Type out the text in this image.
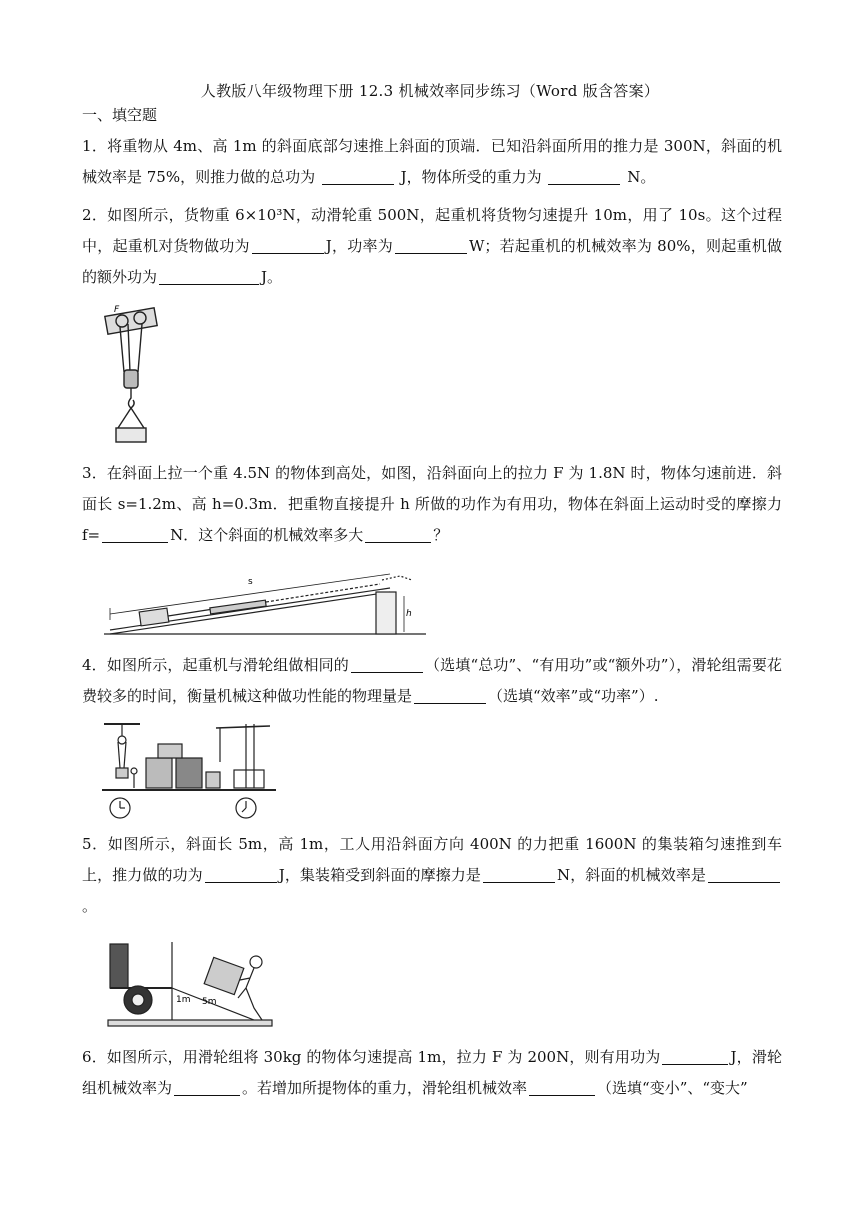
人教版八年级物理下册 12.3 机械效率同步练习（Word 版含答案）
一、填空题
1．将重物从 4m、高 1m 的斜面底部匀速推上斜面的顶端．已知沿斜面所用的推力是 300N，斜面的机械效率是 75%，则推力做的总功为	J，物体所受的重力为	N。
2．如图所示，货物重 6×10³N，动滑轮重 500N，起重机将货物匀速提升 10m，用了 10s。这个过程中，起重机对货物做功为	J，功率为	W；若起重机的机械效率为 80%，则起重机做的额外功为	J。
F
3．在斜面上拉一个重 4.5N 的物体到高处，如图，沿斜面向上的拉力 F 为 1.8N 时，物体匀速前进．斜面长 s=1.2m、高 h=0.3m．把重物直接提升 h 所做的功作为有用功，物体在斜面上运动时受的摩擦力 f=	N．这个斜面的机械效率多大	？
s
h
4．如图所示，起重机与滑轮组做相同的	（选填“总功”、“有用功”或“额外功”），滑轮组需要花费较多的时间，衡量机械这种做功性能的物理量是	（选填“效率”或“功率”）.
5．如图所示，斜面长 5m，高 1m，工人用沿斜面方向 400N 的力把重 1600N 的集装箱匀速推到车上，推力做的功为	J，集装箱受到斜面的摩擦力是	N，斜面的机械效率是。
1m 5m
6．如图所示，用滑轮组将 30kg 的物体匀速提高 1m，拉力 F 为 200N，则有用功为	J，滑轮组机械效率为	。若增加所提物体的重力，滑轮组机械效率	（选填“变小”、“变大”
